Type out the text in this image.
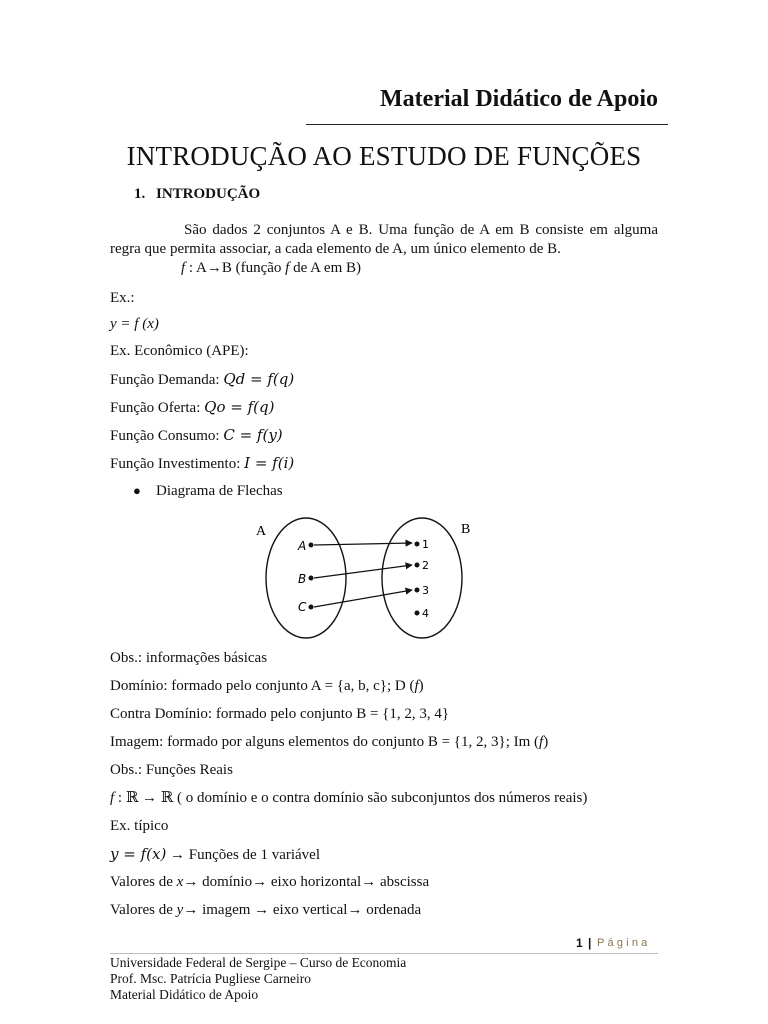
Material Didático de Apoio
INTRODUÇÃO AO ESTUDO DE FUNÇÕES
1. INTRODUÇÃO
São dados 2 conjuntos A e B. Uma função de A em B consiste em alguma regra que permita associar, a cada elemento de A, um único elemento de B.
f : A→B (função f de A em B)
Ex.:
y = f (x)
Ex. Econômico (APE):
Função Demanda: Qd = f(q)
Função Oferta: Qo = f(q)
Função Consumo: C = f(y)
Função Investimento: I = f(i)
● Diagrama de Flechas
A	B
A
B
C
1
2
3
4
Obs.: informações básicas
Domínio: formado pelo conjunto A = {a, b, c}; D (f)
Contra Domínio: formado pelo conjunto B = {1, 2, 3, 4}
Imagem: formado por alguns elementos do conjunto B = {1, 2, 3}; Im (f)
Obs.: Funções Reais
f : ℝ → ℝ ( o domínio e o contra domínio são subconjuntos dos números reais)
Ex. típico
y = f(x) → Funções de 1 variável
Valores de x→ domínio→ eixo horizontal→ abscissa
Valores de y→ imagem → eixo vertical→ ordenada
1 | Página
Universidade Federal de Sergipe – Curso de Economia
Prof. Msc. Patrícia Pugliese Carneiro
Material Didático de Apoio
